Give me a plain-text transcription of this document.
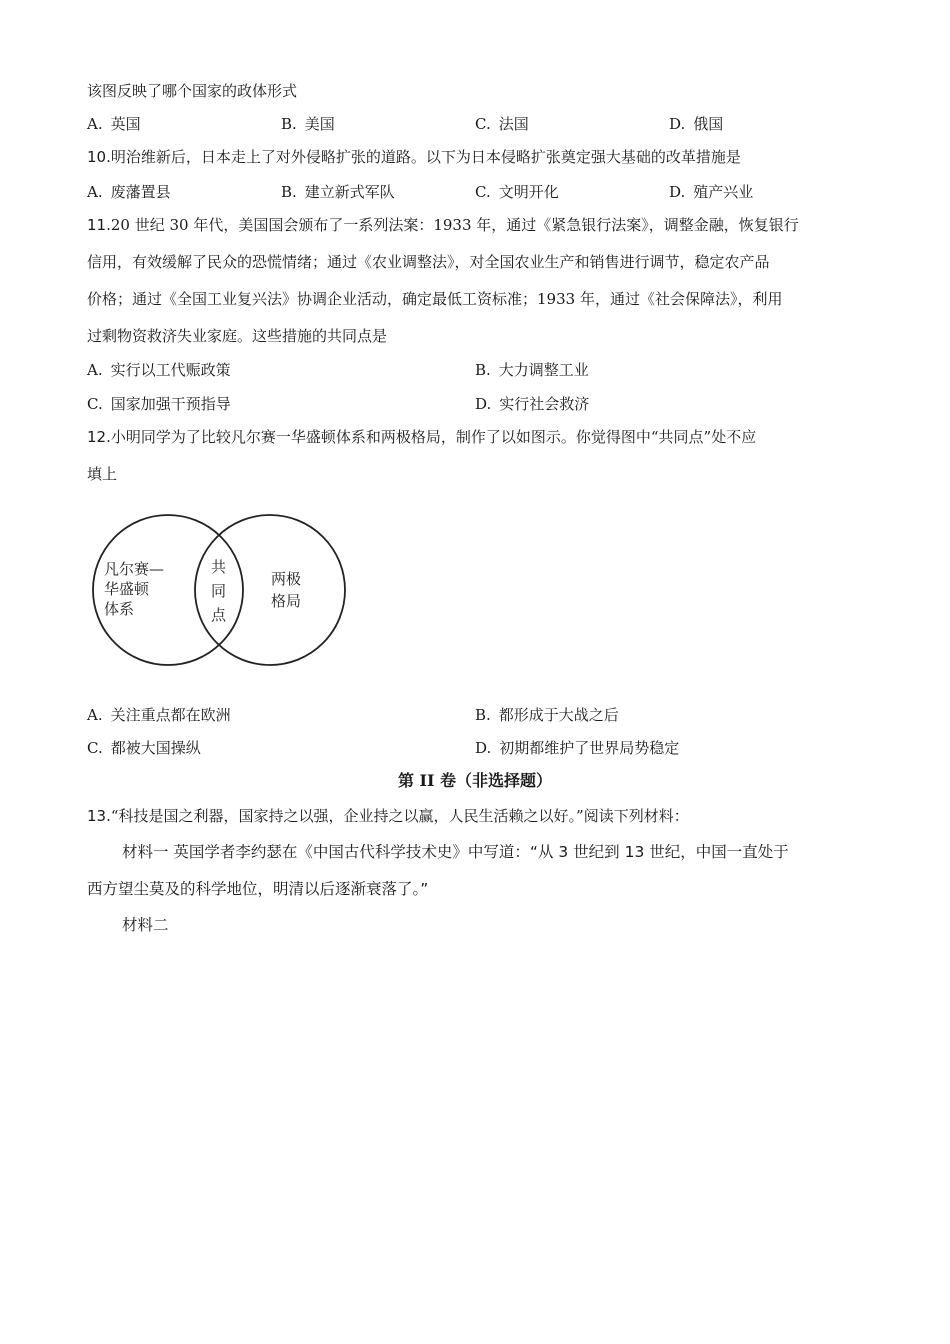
该图反映了哪个国家的政体形式
A. 英国	B. 美国	C. 法国	D. 俄国
10.明治维新后，日本走上了对外侵略扩张的道路。以下为日本侵略扩张奠定强大基础的改革措施是
A. 废藩置县	B. 建立新式军队	C. 文明开化	D. 殖产兴业
11.20 世纪 30 年代，美国国会颁布了一系列法案：1933 年，通过《紧急银行法案》，调整金融，恢复银行
信用，有效缓解了民众的恐慌情绪；通过《农业调整法》，对全国农业生产和销售进行调节，稳定农产品
价格；通过《全国工业复兴法》协调企业活动，确定最低工资标准；1933 年，通过《社会保障法》，利用
过剩物资救济失业家庭。这些措施的共同点是
A. 实行以工代赈政策	B. 大力调整工业
C. 国家加强干预指导	D. 实行社会救济
12.小明同学为了比较凡尔赛一华盛顿体系和两极格局，制作了以如图示。你觉得图中“共同点”处不应
填上
凡尔赛—
华盛顿
体系
共
同
点
两极
格局
A. 关注重点都在欧洲	B. 都形成于大战之后
C. 都被大国操纵	D. 初期都维护了世界局势稳定
第 II 卷（非选择题）
13.“科技是国之利器，国家持之以强，企业持之以赢，人民生活赖之以好。”阅读下列材料：
材料一 英国学者李约瑟在《中国古代科学技术史》中写道：“从 3 世纪到 13 世纪，中国一直处于
西方望尘莫及的科学地位，明清以后逐渐衰落了。”
材料二
